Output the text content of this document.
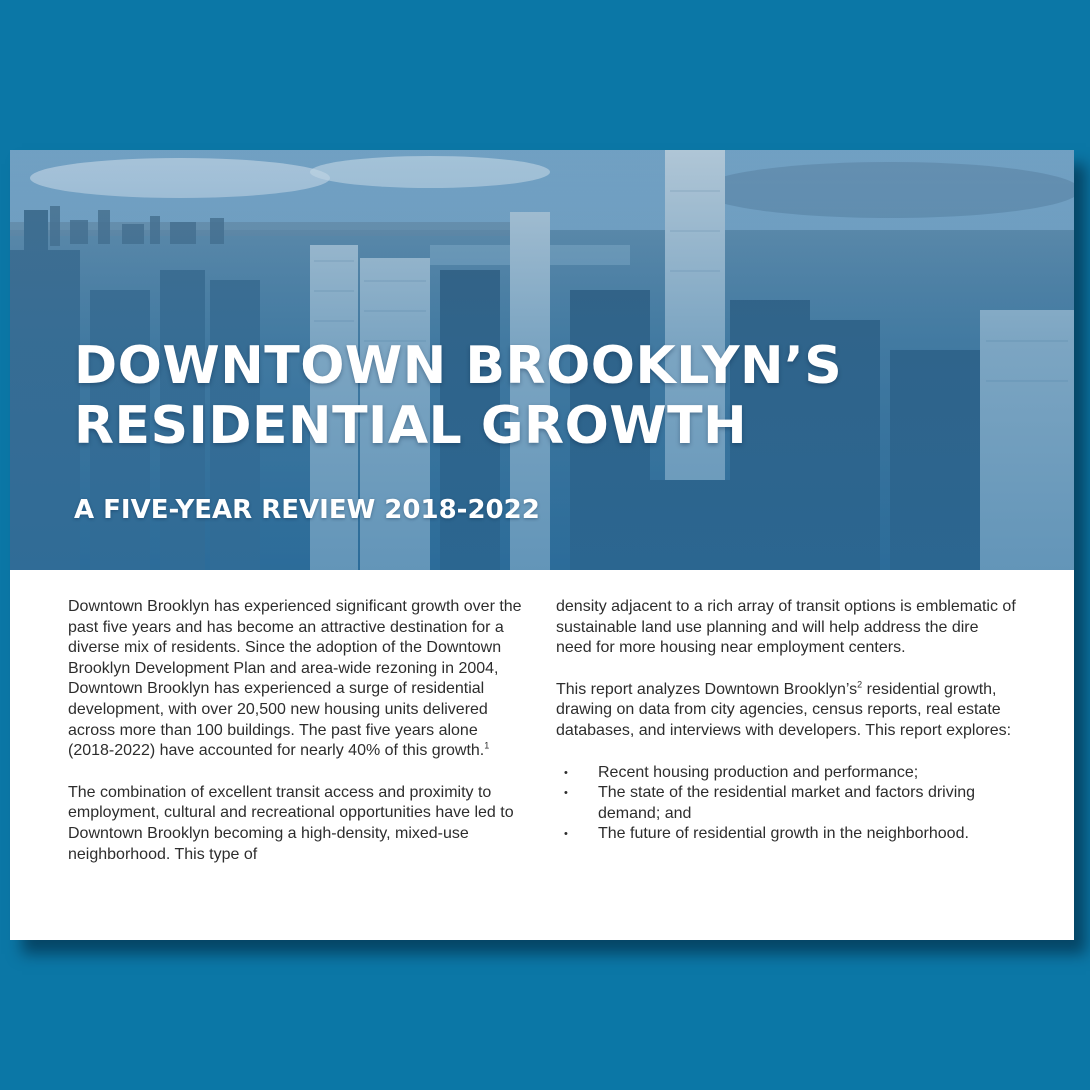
DOWNTOWN BROOKLYN’S
RESIDENTIAL GROWTH
A FIVE-YEAR REVIEW 2018-2022

Downtown Brooklyn has experienced significant growth over the past five years and has become an attractive destination for a diverse mix of residents. Since the adoption of the Downtown Brooklyn Development Plan and area-wide rezoning in 2004, Downtown Brooklyn has experienced a surge of residential development, with over 20,500 new housing units delivered across more than 100 buildings. The past five years alone (2018-2022) have accounted for nearly 40% of this growth.$^1$

The combination of excellent transit access and proximity to employment, cultural and recreational opportunities have led to Downtown Brooklyn becoming a high-density, mixed-use neighborhood. This type of

density adjacent to a rich array of transit options is emblematic of sustainable land use planning and will help address the dire need for more housing near employment centers.

This report analyzes Downtown $Brooklyn’s^2$ residential growth, drawing on data from city agencies, census reports, real estate databases, and interviews with developers. This report explores:

• Recent housing production and performance;
• The state of the residential market and factors driving demand; and
• The future of residential growth in the neighborhood.
